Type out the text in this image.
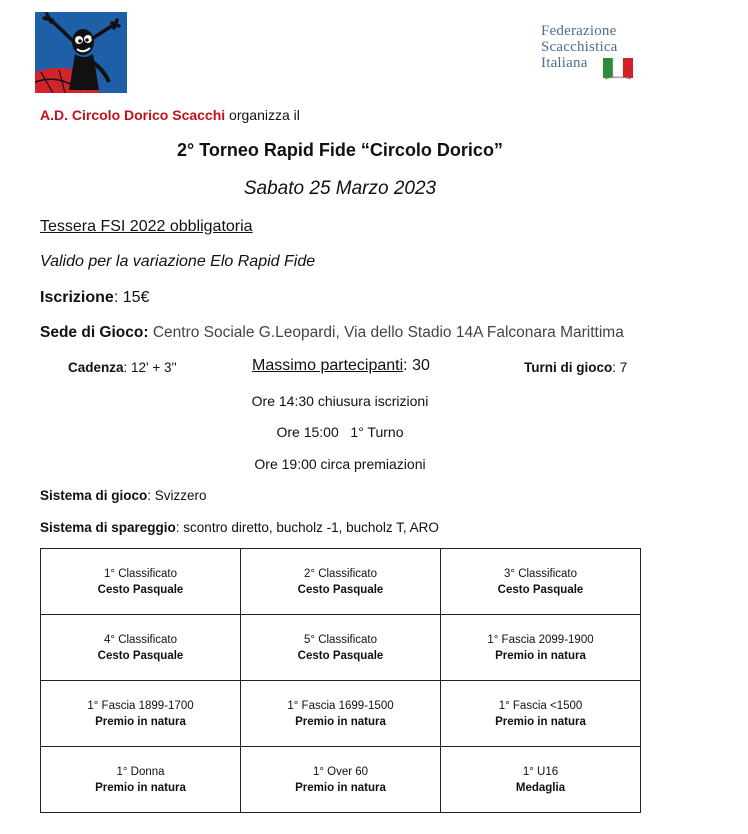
Federazione
Scacchistica
Italiana
A.D. Circolo Dorico Scacchi organizza il
2° Torneo Rapid Fide “Circolo Dorico”
Sabato 25 Marzo 2023
Tessera FSI 2022 obbligatoria
Valido per la variazione Elo Rapid Fide
Iscrizione: 15€
Sede di Gioco: Centro Sociale G.Leopardi, Via dello Stadio 14A Falconara Marittima
Cadenza: 12' + 3''	Massimo partecipanti: 30	Turni di gioco: 7
Ore 14:30 chiusura iscrizioni
Ore 15:00   1° Turno
Ore 19:00 circa premiazioni
Sistema di gioco: Svizzero
Sistema di spareggio: scontro diretto, bucholz -1, bucholz T, ARO
1° Classificato
Cesto Pasquale	2° Classificato
Cesto Pasquale	3° Classificato
Cesto Pasquale

4° Classificato
Cesto Pasquale	5° Classificato
Cesto Pasquale	1° Fascia 2099-1900
Premio in natura

1° Fascia 1899-1700
Premio in natura	1° Fascia 1699-1500
Premio in natura	1° Fascia <1500
Premio in natura

1° Donna
Premio in natura	1° Over 60
Premio in natura	1° U16
Medaglia
